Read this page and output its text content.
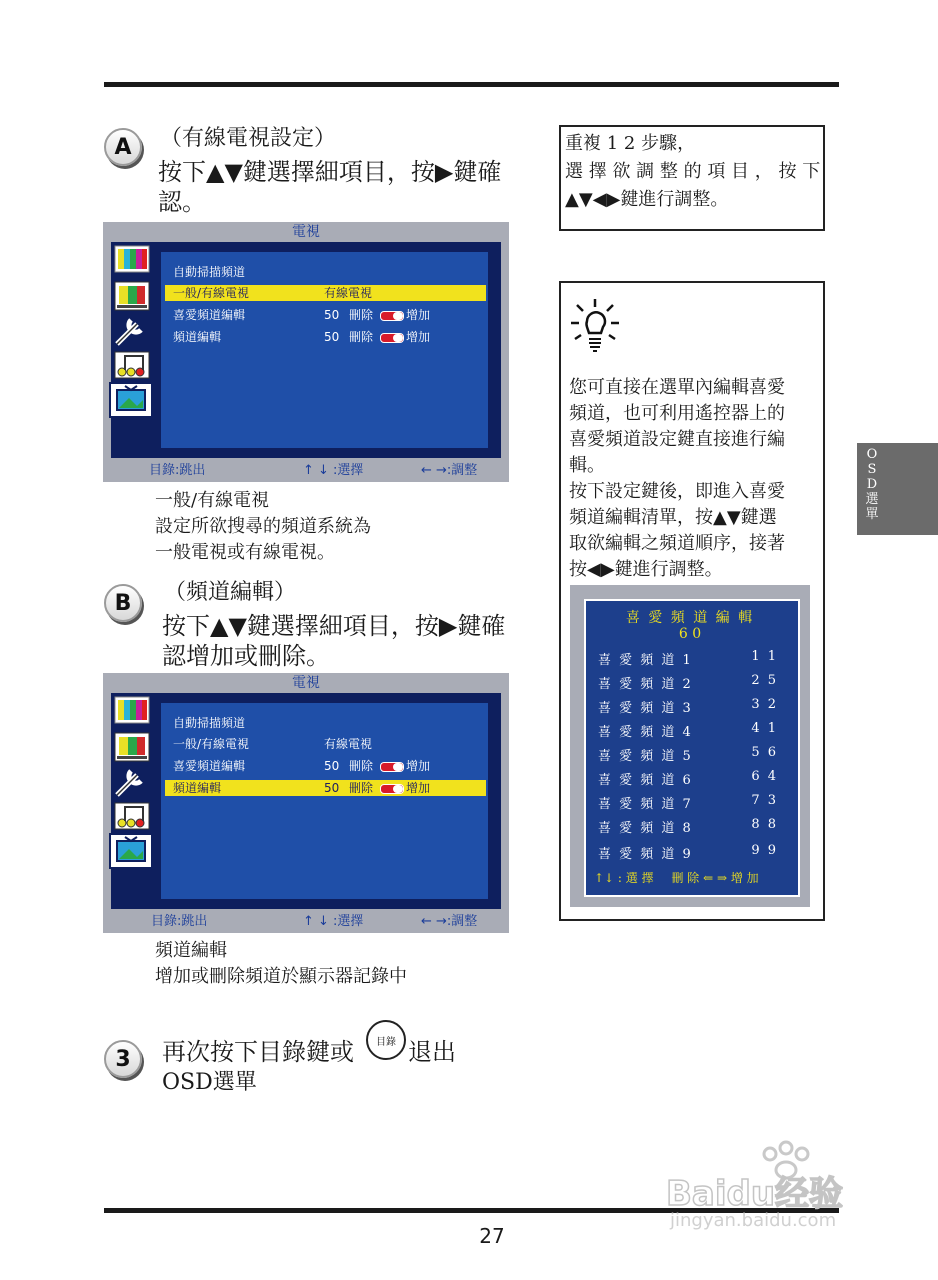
A	（有線電視設定）
按下▲▼鍵選擇細項目，按▶鍵確
認。
電視
自動掃描頻道
一般/有線電視	有線電視
喜愛頻道編輯	50 刪除	增加
頻道編輯	50 刪除	增加
目錄:跳出	↑ ↓ :選擇	← →:調整
一般/有線電視
設定所欲搜尋的頻道系統為
一般電視或有線電視。
B	（頻道編輯）
按下▲▼鍵選擇細項目，按▶鍵確
認增加或刪除。
電視
自動掃描頻道
一般/有線電視	有線電視
喜愛頻道編輯	50 刪除	增加
頻道編輯	50 刪除	增加
目錄:跳出	↑ ↓ :選擇	← →:調整
頻道編輯
增加或刪除頻道於顯示器記錄中
3	再次按下目錄鍵或 目錄 退出
OSD選單
重複 1 2 步驟，
選 擇 欲 調 整 的 項 目 ， 按 下
▲▼◀▶鍵進行調整。
您可直接在選單內編輯喜愛
頻道，也可利用遙控器上的
喜愛頻道設定鍵直接進行編
輯。
按下設定鍵後，即進入喜愛
頻道編輯清單，按▲▼鍵選
取欲編輯之頻道順序，接著
按◀▶鍵進行調整。
喜 愛 頻 道 編 輯
6 0
喜 愛 頻 道 1	1 1
喜 愛 頻 道 2	2 5
喜 愛 頻 道 3	3 2
喜 愛 頻 道 4	4 1
喜 愛 頻 道 5	5 6
喜 愛 頻 道 6	6 4
喜 愛 頻 道 7	7 3
喜 愛 頻 道 8	8 8
喜 愛 頻 道 9	9 9
↑↓ : 選 擇 刪 除 ⇐ ⇒ 增 加
O
S
D
選
單
27
Baidu经验
jingyan.baidu.com
